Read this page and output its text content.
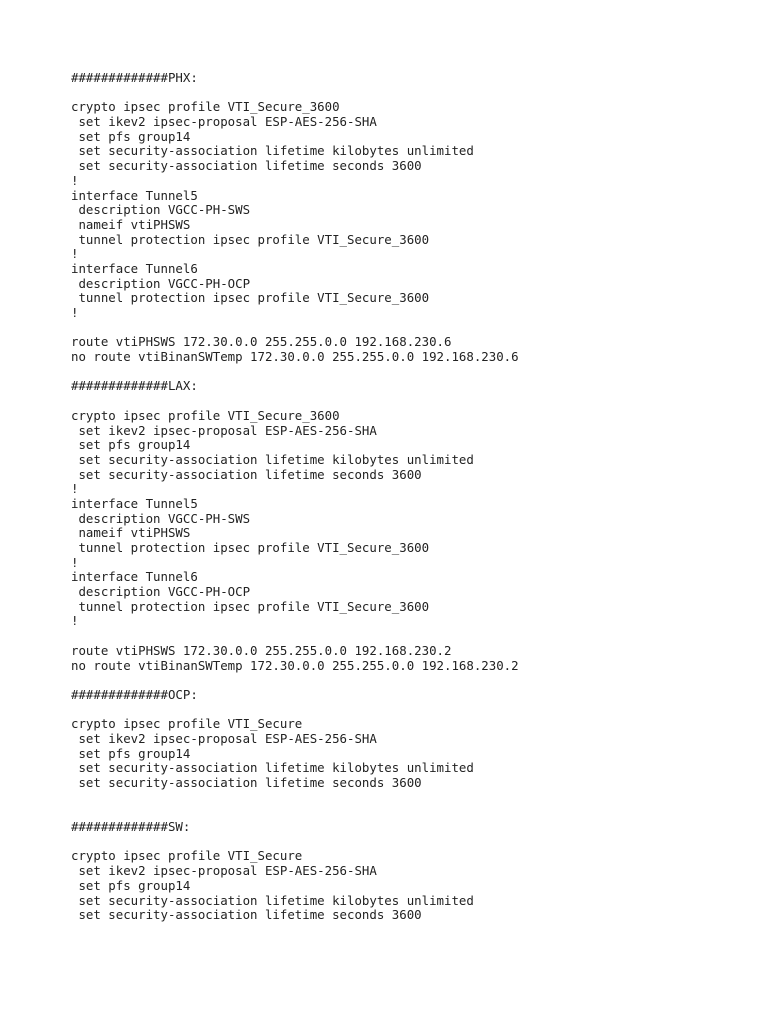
#############PHX:
crypto ipsec profile VTI_Secure_3600
set ikev2 ipsec-proposal ESP-AES-256-SHA
set pfs group14
set security-association lifetime kilobytes unlimited
set security-association lifetime seconds 3600
!
interface Tunnel5
description VGCC-PH-SWS
nameif vtiPHSWS
tunnel protection ipsec profile VTI_Secure_3600
!
interface Tunnel6
description VGCC-PH-OCP
tunnel protection ipsec profile VTI_Secure_3600
!
route vtiPHSWS 172.30.0.0 255.255.0.0 192.168.230.6
no route vtiBinanSWTemp 172.30.0.0 255.255.0.0 192.168.230.6
#############LAX:
crypto ipsec profile VTI_Secure_3600
set ikev2 ipsec-proposal ESP-AES-256-SHA
set pfs group14
set security-association lifetime kilobytes unlimited
set security-association lifetime seconds 3600
!
interface Tunnel5
description VGCC-PH-SWS
nameif vtiPHSWS
tunnel protection ipsec profile VTI_Secure_3600
!
interface Tunnel6
description VGCC-PH-OCP
tunnel protection ipsec profile VTI_Secure_3600
!
route vtiPHSWS 172.30.0.0 255.255.0.0 192.168.230.2
no route vtiBinanSWTemp 172.30.0.0 255.255.0.0 192.168.230.2
#############OCP:
crypto ipsec profile VTI_Secure
set ikev2 ipsec-proposal ESP-AES-256-SHA
set pfs group14
set security-association lifetime kilobytes unlimited
set security-association lifetime seconds 3600
#############SW:
crypto ipsec profile VTI_Secure
set ikev2 ipsec-proposal ESP-AES-256-SHA
set pfs group14
set security-association lifetime kilobytes unlimited
set security-association lifetime seconds 3600
